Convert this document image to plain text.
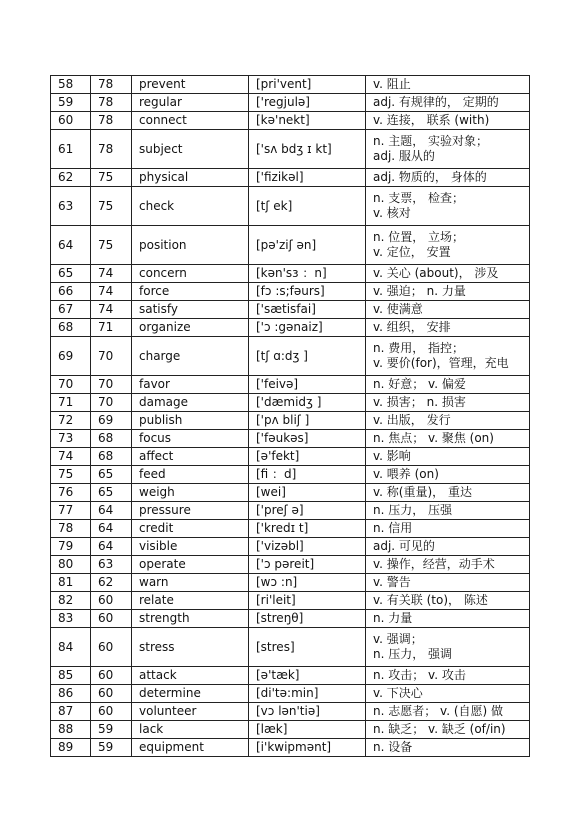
58	78	prevent	[pri'vent]	v. 阻止

59	78	regular	['regjulə]	adj. 有规律的， 定期的

60	78	connect	[kə'nekt]	v. 连接， 联系 (with)

61	78	subject	['sʌ bdʒ ɪ kt]	n. 主题， 实验对象；
adj. 服从的

62	75	physical	['fizikəl]	adj. 物质的， 身体的

63	75	check	[tʃ ek]	n. 支票， 检查；
v. 核对

64	75	position	[pə'ziʃ ən]	n. 位置， 立场；
v. 定位， 安置

65	74	concern	[kən'sɜ ：n]	v. 关心 (about)， 涉及

66	74	force	[fɔ :s;fəurs]	v. 强迫； n. 力量

67	74	satisfy	['sætisfai]	v. 使满意

68	71	organize	['ɔ :gənaiz]	v. 组织， 安排

69	70	charge	[tʃ ɑ:dʒ ]	n. 费用， 指控；
v. 要价(for)，管理，充电

70	70	favor	['feivə]	n. 好意； v. 偏爱

71	70	damage	['dæmidʒ ]	v. 损害； n. 损害

72	69	publish	['pʌ bliʃ ]	v. 出版， 发行

73	68	focus	['fəukəs]	n. 焦点； v. 聚焦 (on)

74	68	affect	[ə'fekt]	v. 影响

75	65	feed	[fi ：d]	v. 喂养 (on)

76	65	weigh	[wei]	v. 称(重量)， 重达

77	64	pressure	['preʃ ə]	n. 压力， 压强

78	64	credit	['kredɪ t]	n. 信用

79	64	visible	['vizəbl]	adj. 可见的

80	63	operate	['ɔ pəreit]	v. 操作，经营，动手术

81	62	warn	[wɔ :n]	v. 警告

82	60	relate	[ri'leit]	v. 有关联 (to)， 陈述

83	60	strength	[streŋθ]	n. 力量

84	60	stress	[stres]	v. 强调；
n. 压力， 强调

85	60	attack	[ə'tæk]	n. 攻击； v. 攻击

86	60	determine	[di'tə:min]	v. 下决心

87	60	volunteer	[vɔ lən'tiə]	n. 志愿者； v. (自愿) 做

88	59	lack	[læk]	n. 缺乏； v. 缺乏 (of/in)

89	59	equipment	[i'kwipmənt]	n. 设备
